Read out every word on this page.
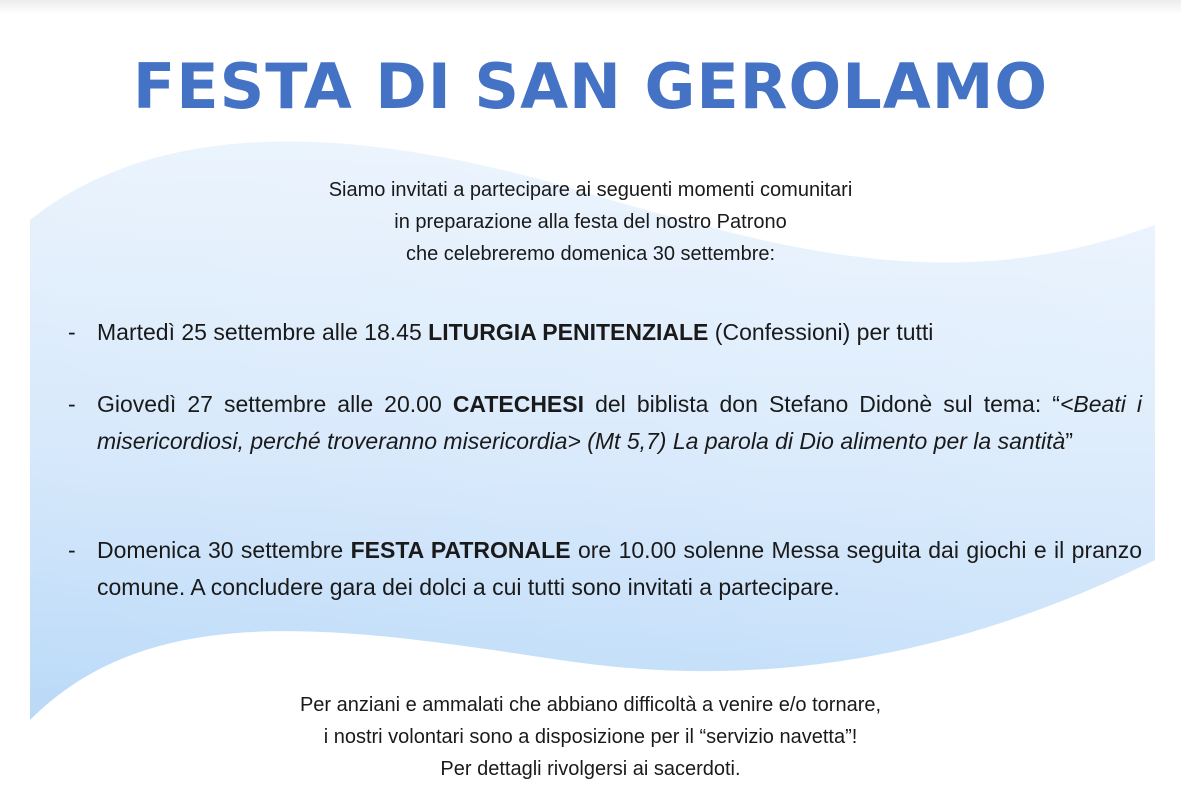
FESTA DI SAN GEROLAMO
Siamo invitati a partecipare ai seguenti momenti comunitari
in preparazione alla festa del nostro Patrono
che celebreremo domenica 30 settembre:
- Martedì 25 settembre alle 18.45 LITURGIA PENITENZIALE (Confessioni) per tutti
- Giovedì 27 settembre alle 20.00 CATECHESI del biblista don Stefano Didonè sul tema: “<Beati i misericordiosi, perché troveranno misericordia> (Mt 5,7) La parola di Dio alimento per la santità”
- Domenica 30 settembre FESTA PATRONALE ore 10.00 solenne Messa seguita dai giochi e il pranzo comune. A concludere gara dei dolci a cui tutti sono invitati a partecipare.
Per anziani e ammalati che abbiano difficoltà a venire e/o tornare,
i nostri volontari sono a disposizione per il “servizio navetta”!
Per dettagli rivolgersi ai sacerdoti.
